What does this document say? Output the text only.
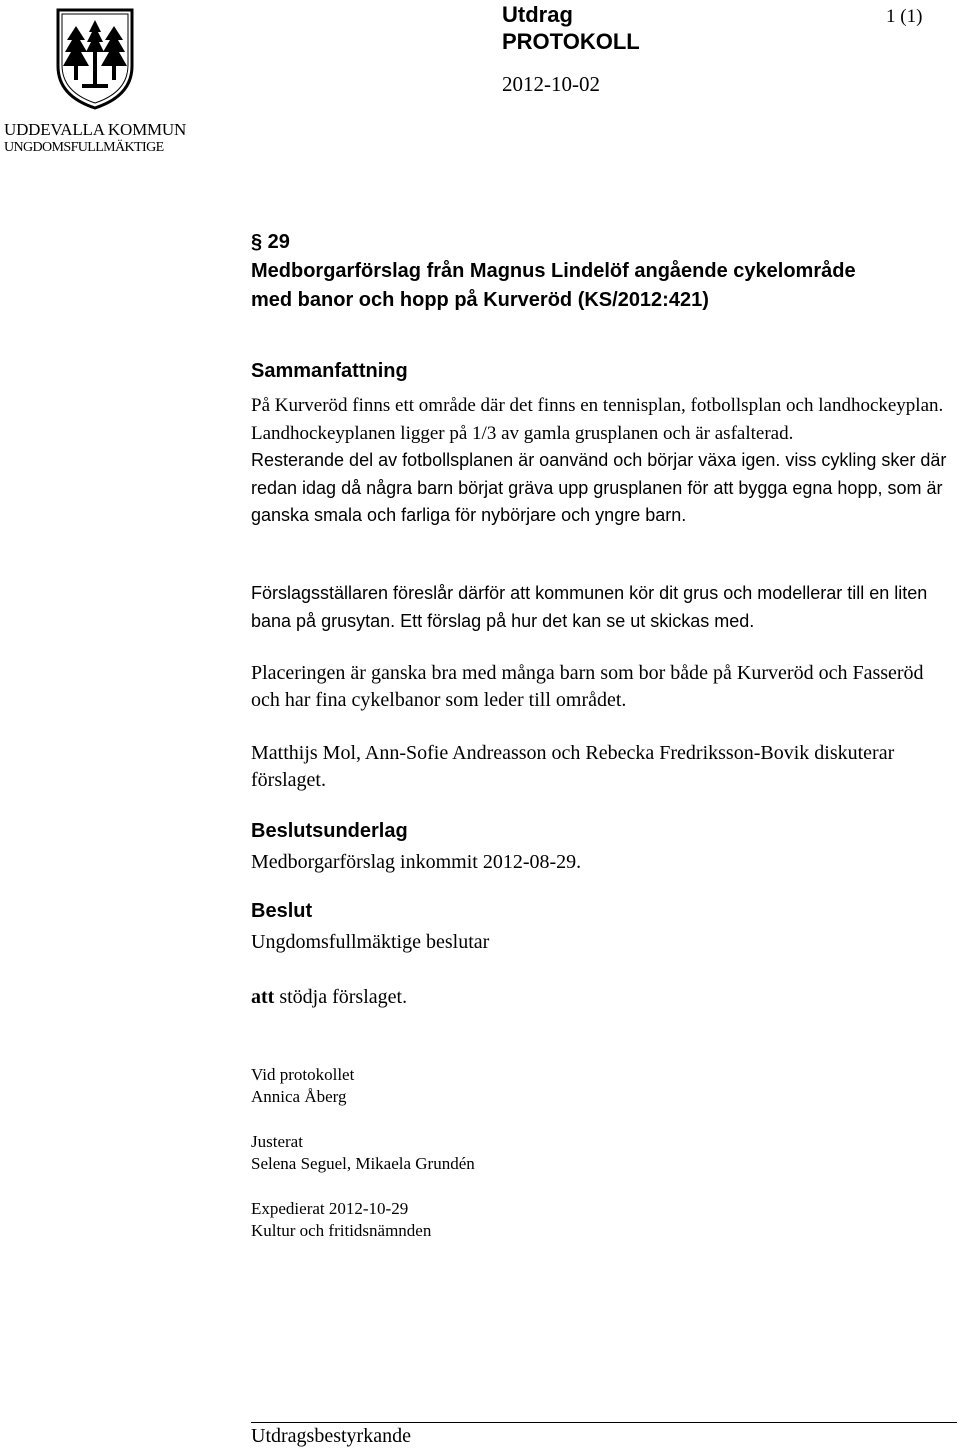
UDDEVALLA KOMMUN
UNGDOMSFULLMÄKTIGE
Utdrag
PROTOKOLL
2012-10-02
1 (1)
§ 29
Medborgarförslag från Magnus Lindelöf angående cykelområde
med banor och hopp på Kurveröd (KS/2012:421)
Sammanfattning

På Kurveröd finns ett område där det finns en tennisplan, fotbollsplan och landhockeyplan. Landhockeyplanen ligger på 1/3 av gamla grusplanen och är asfalterad.

Resterande del av fotbollsplanen är oanvänd och börjar växa igen. viss cykling sker där redan idag då några barn börjat gräva upp grusplanen för att bygga egna hopp, som är ganska smala och farliga för nybörjare och yngre barn.

Förslagsställaren föreslår därför att kommunen kör dit grus och modellerar till en liten bana på grusytan. Ett förslag på hur det kan se ut skickas med.

Placeringen är ganska bra med många barn som bor både på Kurveröd och Fasseröd och har fina cykelbanor som leder till området.

Matthijs Mol, Ann-Sofie Andreasson och Rebecka Fredriksson-Bovik diskuterar förslaget.

Beslutsunderlag

Medborgarförslag inkommit 2012-08-29.

Beslut

Ungdomsfullmäktige beslutar

att stödja förslaget.

Vid protokollet
Annica Åberg
Justerat
Selena Seguel, Mikaela Grundén
Expedierat 2012-10-29
Kultur och fritidsnämnden
Utdragsbestyrkande
